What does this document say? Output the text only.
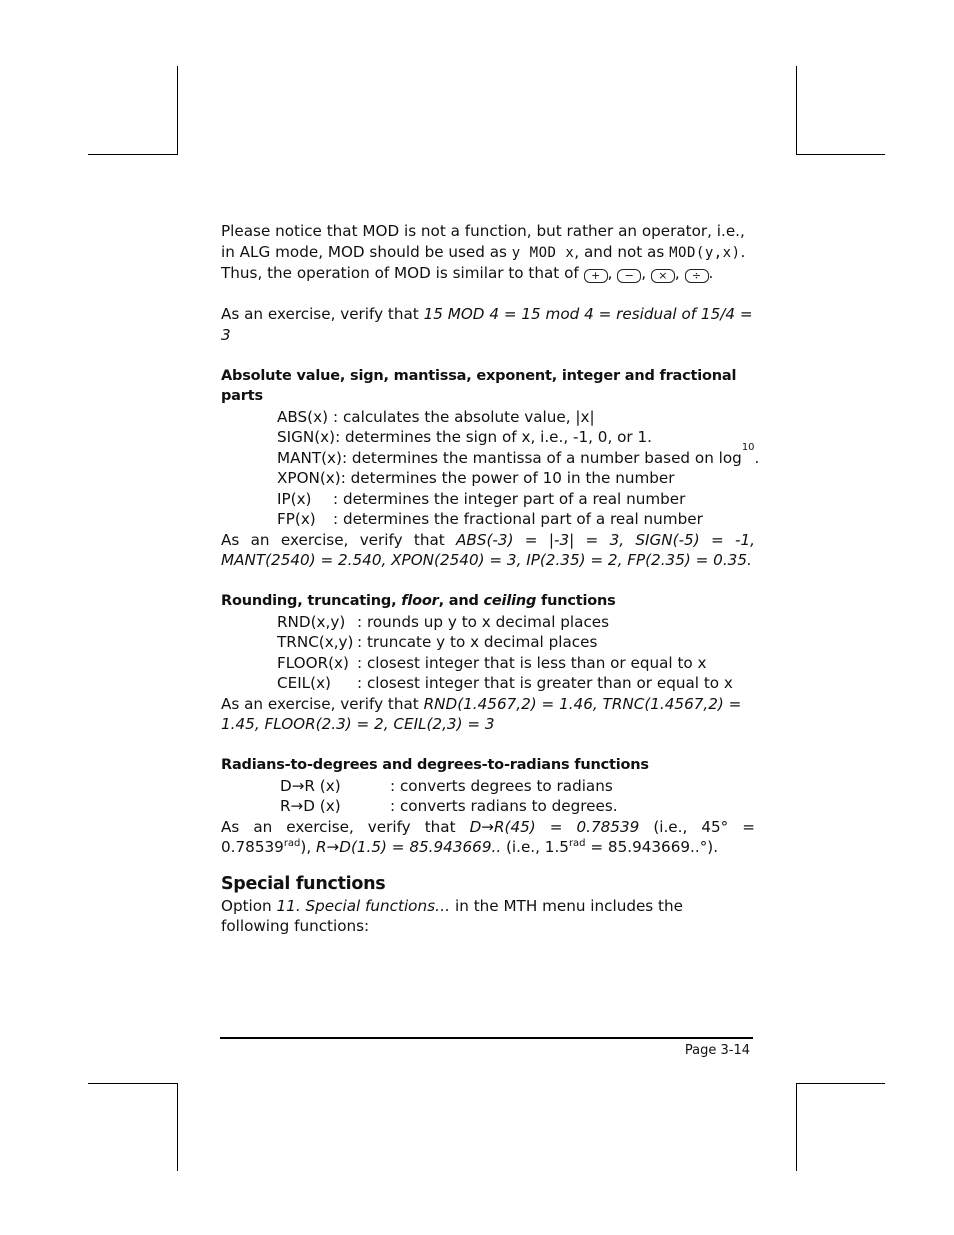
Please notice that MOD is not a function, but rather an operator, i.e., in ALG mode, MOD should be used as y MOD x, and not as MOD(y,x). Thus, the operation of MOD is similar to that of + , − , × , ÷ .

As an exercise, verify that 15 MOD 4 = 15 mod 4 = residual of 15/4 = 3

Absolute value, sign, mantissa, exponent, integer and fractional parts

ABS(x) : calculates the absolute value, |x|
SIGN(x) : determines the sign of x, i.e., -1, 0, or 1.
MANT(x) : determines the mantissa of a number based on log
10
.
XPON(x) : determines the power of 10 in the number
IP(x)	: determines the integer part of a real number
FP(x)	: determines the fractional part of a real number

As an exercise, verify that ABS(-3) = |-3| = 3, SIGN(-5) = -1, MANT(2540) = 2.540, XPON(2540) = 3, IP(2.35) = 2, FP(2.35) = 0.35.

Rounding, truncating, floor, and ceiling functions

RND(x,y) : rounds up y to x decimal places
TRNC(x,y) : truncate y to x decimal places
FLOOR(x) : closest integer that is less than or equal to x
CEIL(x)	: closest integer that is greater than or equal to x

As an exercise, verify that RND(1.4567,2) = 1.46, TRNC(1.4567,2) = 1.45, FLOOR(2.3) = 2, CEIL(2,3) = 3

Radians-to-degrees and degrees-to-radians functions

D→R (x)	: converts degrees to radians
R→D (x)	: converts radians to degrees.

As an exercise, verify that D→R(45) = 0.78539 (i.e., $45^\circ = 0.78539^{rad}$), R→D(1.5) = 85.943669.. (i.e., $1.5^{rad} = 85.943669..^\circ$).

Special functions

Option 11. Special functions… in the MTH menu includes the following functions:

Page 3-14
